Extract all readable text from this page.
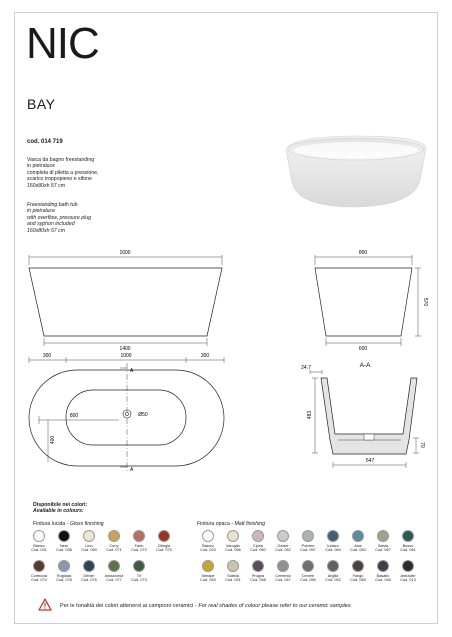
NIC
BAY
cod. 014 719
Vasca da bagno freestanding
in pietraluce
completa di piletta a pressione,
scarico troppopieno e sifone
160x80xh 57 cm
Freestanding bath tub
in pietraluce
with overflow, pressure plug
and syphon included
160x80xh 57 cm
1600
1400
800
600
570
300	1000	300
800	Ø50
400
A
A
A-A
24.7
483
547
70
Disponibile nei colori:
Available in colours:
Finitura lucida - Gloss finishing	Finitura opaca - Matt finishing
Bianco
Cod. 031
Nero
Cod. 038
Lino
Cod. 069
Curry
Cod. 071
Fanh
Cod. 072
Ciliegia
Cod. 075
Corteccia
Cod. 074
Rugiada
Cod. 078
Denim
Cod. 076
Amazzonia
Cod. 077
Tè
Cod. 073
Bianco
Cod. 023
Ideoglia
Cod. 066
Cipria
Cod. 060
Geiser
Cod. 062
Polvere
Cod. 057
Indaco
Cod. 064
Aloe
Cod. 063
Salvia
Cod. 067
Bosco
Cod. 061
Senape
Cod. 053
Sabbia
Cod. 051
Prugna
Cod. 058
Cemento
Cod. 047
Cenere
Cod. 056
Argilla
Cod. 052
Fango
Cod. 069
Basalto
Cod. 048
Antracite
Cod. 013
Per le tonalità dei colori attenersi ai campioni ceramici - For real shades of colour please refer to our ceramic samples
